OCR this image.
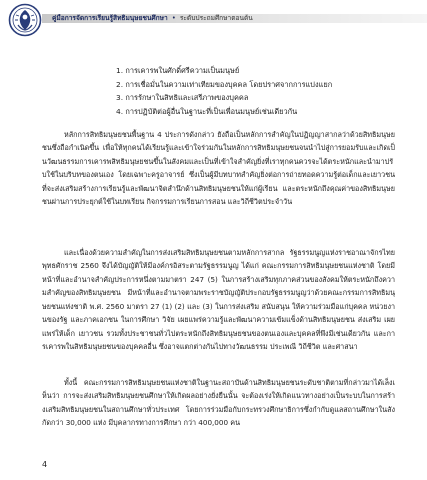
คู่มือการจัดการเรียนรู้สิทธิมนุษยชนศึกษา • ระดับประถมศึกษาตอนต้น
1. การเคารพในศักดิ์ศรีความเป็นมนุษย์
2. การเชื่อมั่นในความเท่าเทียมของบุคคล โดยปราศจากการแบ่งแยก
3. การรักษาในสิทธิและเสรีภาพของบุคคล
4. การปฏิบัติต่อผู้อื่นในฐานะที่เป็นเพื่อนมนุษย์เช่นเดียวกัน

หลักการสิทธิมนุษยชนพื้นฐาน 4 ประการดังกล่าว ยังถือเป็นหลักการสำคัญในปฏิญญาสากลว่าด้วยสิทธิมนุษยชนซึ่งถือกำเนิดขึ้น เพื่อให้ทุกคนได้เรียนรู้และเข้าใจร่วมกันในหลักการสิทธิมนุษยชนจนนำไปสู่การยอมรับและเกิดเป็นวัฒนธรรมการเคารพสิทธิมนุษยชนขึ้นในสังคมและเป็นที่เข้าใจสำคัญยิ่งที่เราทุกคนควรจะได้ตระหนักและนำมาปรับใช้ในบริบทของตนเอง โดยเฉพาะครูอาจารย์ ซึ่งเป็นผู้มีบทบาทสำคัญยิ่งต่อการถ่ายทอดความรู้ต่อเด็กและเยาวชน ที่จะส่งเสริมสร้างการเรียนรู้และพัฒนาจิตสำนึกด้านสิทธิมนุษยชนให้แก่ผู้เรียน และตระหนักถึงคุณค่าของสิทธิมนุษยชนผ่านการประยุกต์ใช้ในบทเรียน กิจกรรมการเรียนการสอน และวิถีชีวิตประจำวัน

และเนื่องด้วยความสำคัญในการส่งเสริมสิทธิมนุษยชนตามหลักการสากล รัฐธรรมนูญแห่งราชอาณาจักรไทย พุทธศักราช 2560 จึงได้บัญญัติให้มีองค์กรอิสระตามรัฐธรรมนูญ ได้แก่ คณะกรรมการสิทธิมนุษยชนแห่งชาติ โดยมีหน้าที่และอำนาจสำคัญประการหนึ่งตามมาตรา 247 (5) ในการสร้างเสริมทุกภาคส่วนของสังคมให้ตระหนักถึงความสำคัญของสิทธิมนุษยชน มีหน้าที่และอำนาจตามพระราชบัญญัติประกอบรัฐธรรมนูญว่าด้วยคณะกรรมการสิทธิมนุษยชนแห่งชาติ พ.ศ. 2560 มาตรา 27 (1) (2) และ (3) ในการส่งเสริม สนับสนุน ให้ความร่วมมือแก่บุคคล หน่วยงานของรัฐ และภาคเอกชน ในการศึกษา วิจัย เผยแพร่ความรู้และพัฒนาความเข้มแข็งด้านสิทธิมนุษยชน ส่งเสริม เผยแพร่ให้เด็ก เยาวชน รวมทั้งประชาชนทั่วไปตระหนักถึงสิทธิมนุษยชนของตนเองและบุคคลที่พึงมีเช่นเดียวกัน และการเคารพในสิทธิมนุษยชนของบุคคลอื่น ซึ่งอาจแตกต่างกันไปทางวัฒนธรรม ประเพณี วิถีชีวิต และศาสนา

ทั้งนี้ คณะกรรมการสิทธิมนุษยชนแห่งชาติในฐานะสถาบันด้านสิทธิมนุษยชนระดับชาติตามที่กล่าวมาได้เล็งเห็นว่า การจะส่งเสริมสิทธิมนุษยชนศึกษาให้เกิดผลอย่างยั่งยืนนั้น จะต้องเร่งให้เกิดแนวทางอย่างเป็นระบบในการสร้างเสริมสิทธิมนุษยชนในสถานศึกษาทั่วประเทศ โดยการร่วมมือกับกระทรวงศึกษาธิการซึ่งกำกับดูแลสถานศึกษาในสังกัดกว่า 30,000 แห่ง มีบุคลากรทางการศึกษา กว่า 400,000 คน

4
